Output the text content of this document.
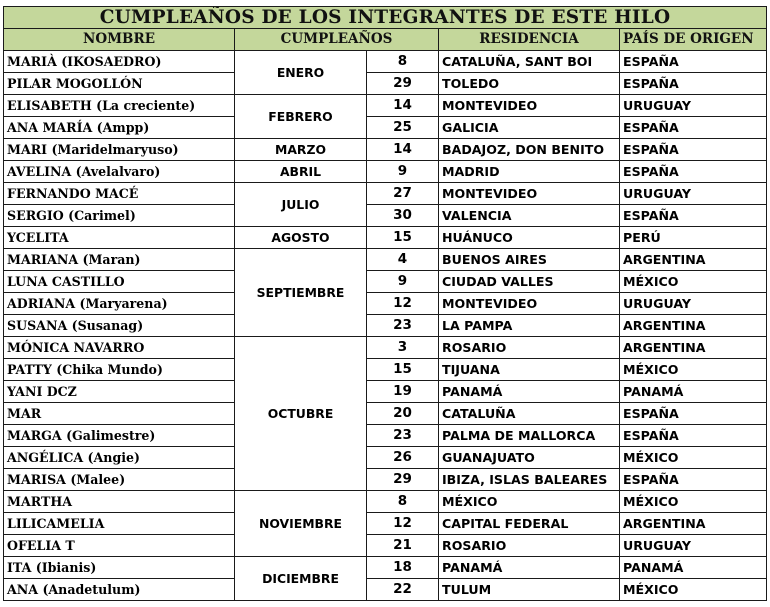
CUMPLEAÑOS DE LOS INTEGRANTES DE ESTE HILO				
NOMBRE	CUMPLEAÑOS		RESIDENCIA	PAÍS DE ORIGEN
MARIÀ (IKOSAEDRO)	ENERO	8	CATALUÑA, SANT BOI	ESPAÑA
PILAR MOGOLLÓN		29	TOLEDO	ESPAÑA
ELISABETH (La creciente)	FEBRERO	14	MONTEVIDEO	URUGUAY
ANA MARÍA (Ampp)		25	GALICIA	ESPAÑA
MARI (Maridelmaryuso)	MARZO	14	BADAJOZ, DON BENITO	ESPAÑA
AVELINA (Avelalvaro)	ABRIL	9	MADRID	ESPAÑA
FERNANDO MACÉ	JULIO	27	MONTEVIDEO	URUGUAY
SERGIO (Carimel)		30	VALENCIA	ESPAÑA
YCELITA	AGOSTO	15	HUÁNUCO	PERÚ
MARIANA (Maran)	SEPTIEMBRE	4	BUENOS AIRES	ARGENTINA
LUNA CASTILLO		9	CIUDAD VALLES	MÉXICO
ADRIANA (Maryarena)		12	MONTEVIDEO	URUGUAY
SUSANA (Susanag)		23	LA PAMPA	ARGENTINA
MÓNICA NAVARRO	OCTUBRE	3	ROSARIO	ARGENTINA
PATTY (Chika Mundo)		15	TIJUANA	MÉXICO
YANI DCZ		19	PANAMÁ	PANAMÁ
MAR		20	CATALUÑA	ESPAÑA
MARGA (Galimestre)		23	PALMA DE MALLORCA	ESPAÑA
ANGÉLICA (Angie)		26	GUANAJUATO	MÉXICO
MARISA (Malee)		29	IBIZA, ISLAS BALEARES	ESPAÑA
MARTHA	NOVIEMBRE	8	MÉXICO	MÉXICO
LILICAMELIA		12	CAPITAL FEDERAL	ARGENTINA
OFELIA T		21	ROSARIO	URUGUAY
ITA (Ibianis)	DICIEMBRE	18	PANAMÁ	PANAMÁ
ANA (Anadetulum)		22	TULUM	MÉXICO
